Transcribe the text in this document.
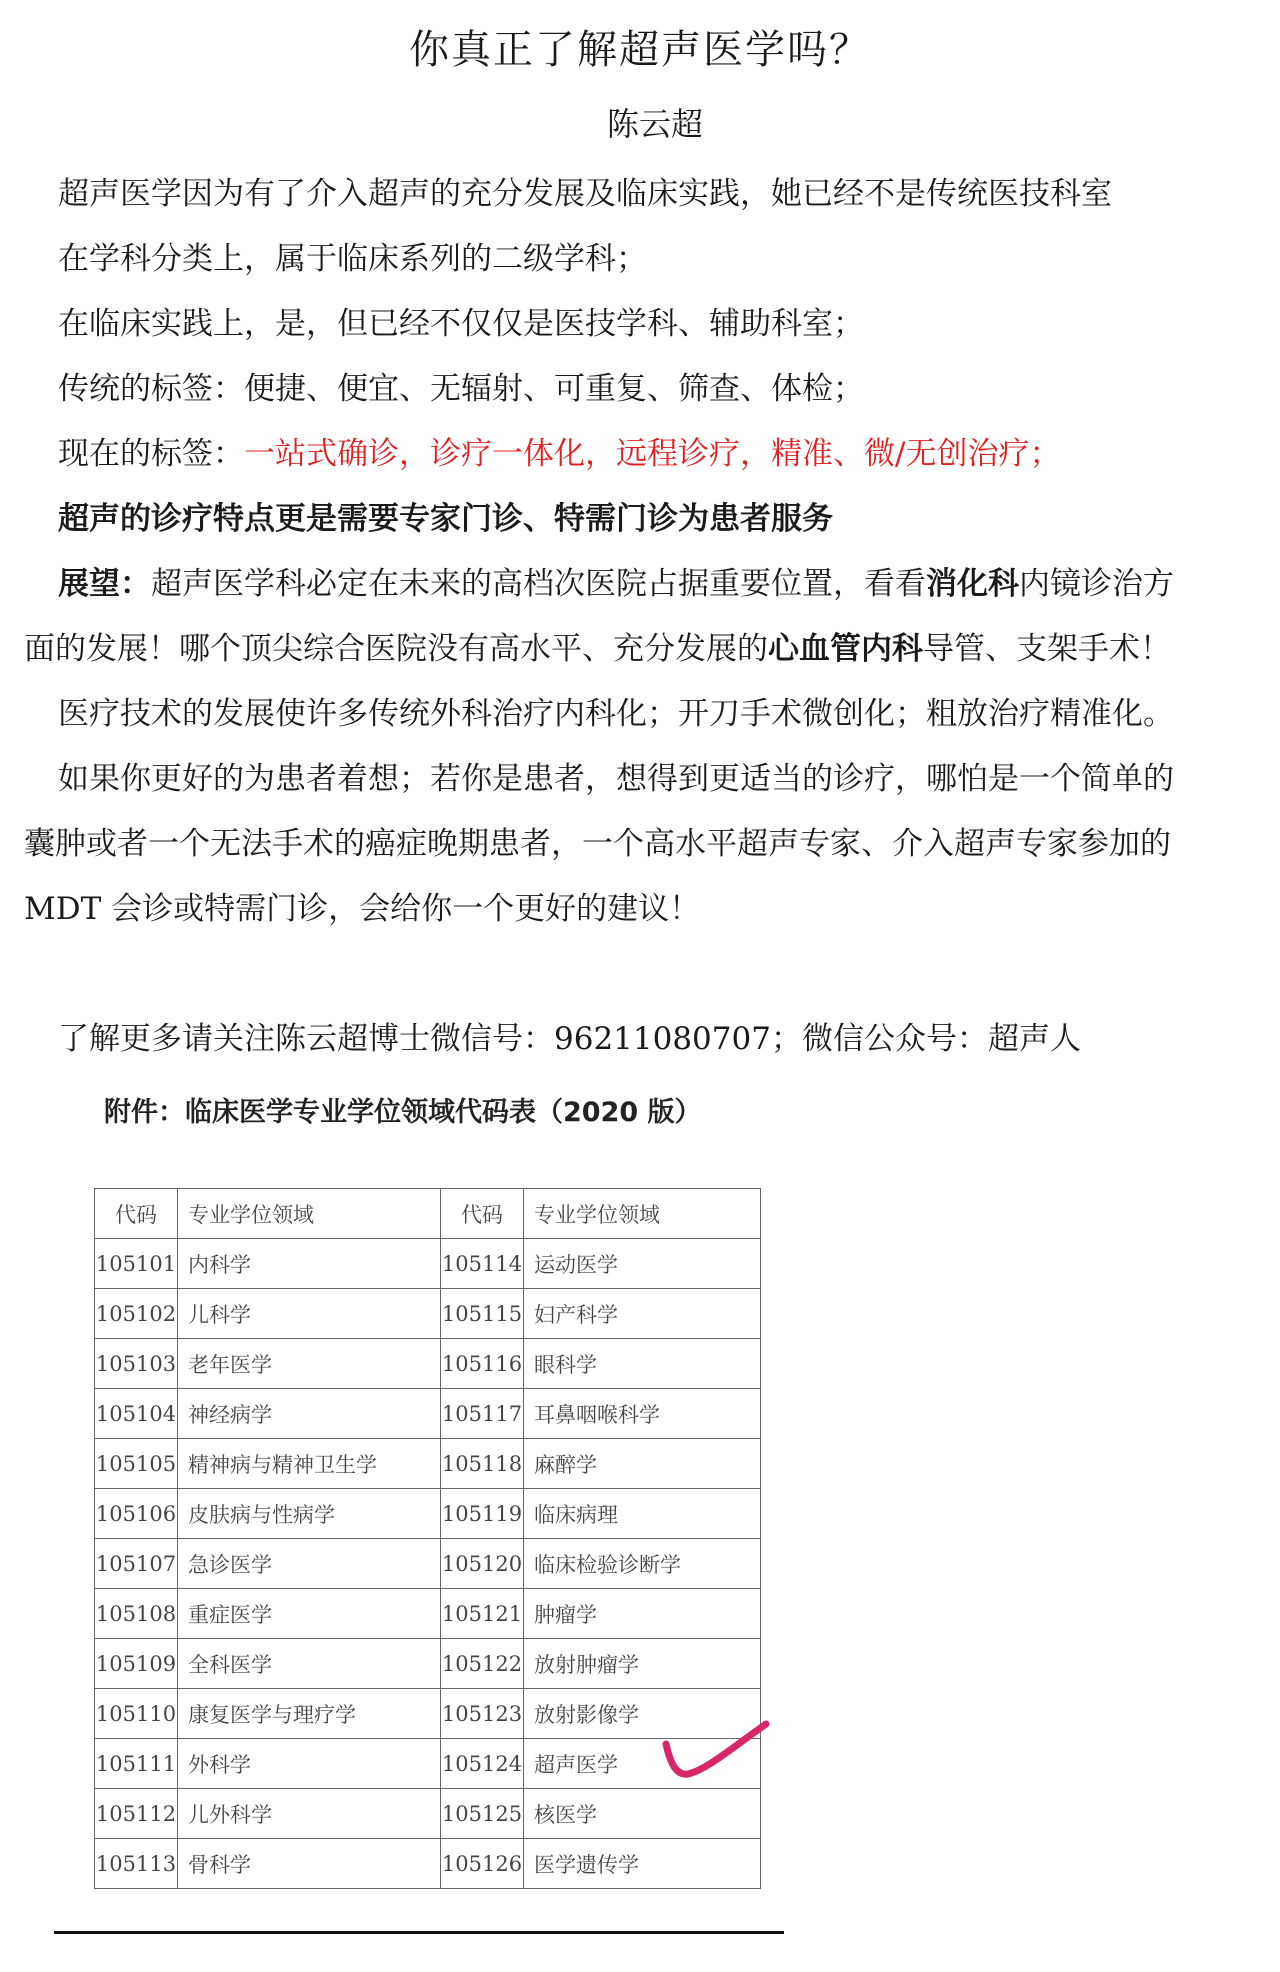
你真正了解超声医学吗？
陈云超

超声医学因为有了介入超声的充分发展及临床实践，她已经不是传统医技科室

在学科分类上，属于临床系列的二级学科；

在临床实践上，是，但已经不仅仅是医技学科、辅助科室；

传统的标签：便捷、便宜、无辐射、可重复、筛查、体检；

现在的标签：一站式确诊，诊疗一体化，远程诊疗，精准、微/无创治疗；

超声的诊疗特点更是需要专家门诊、特需门诊为患者服务

展望：超声医学科必定在未来的高档次医院占据重要位置，看看消化科内镜诊治方

面的发展！哪个顶尖综合医院没有高水平、充分发展的心血管内科导管、支架手术！

医疗技术的发展使许多传统外科治疗内科化；开刀手术微创化；粗放治疗精准化。

如果你更好的为患者着想；若你是患者，想得到更适当的诊疗，哪怕是一个简单的

囊肿或者一个无法手术的癌症晚期患者，一个高水平超声专家、介入超声专家参加的

MDT 会诊或特需门诊，会给你一个更好的建议！

了解更多请关注陈云超博士微信号：96211080707；微信公众号：超声人

附件：临床医学专业学位领域代码表（2020 版）
代码	专业学位领域	代码	专业学位领域
105101	内科学	105114	运动医学
105102	儿科学	105115	妇产科学
105103	老年医学	105116	眼科学
105104	神经病学	105117	耳鼻咽喉科学
105105	精神病与精神卫生学	105118	麻醉学
105106	皮肤病与性病学	105119	临床病理
105107	急诊医学	105120	临床检验诊断学
105108	重症医学	105121	肿瘤学
105109	全科医学	105122	放射肿瘤学
105110	康复医学与理疗学	105123	放射影像学
105111	外科学	105124	超声医学
105112	儿外科学	105125	核医学
105113	骨科学	105126	医学遗传学
